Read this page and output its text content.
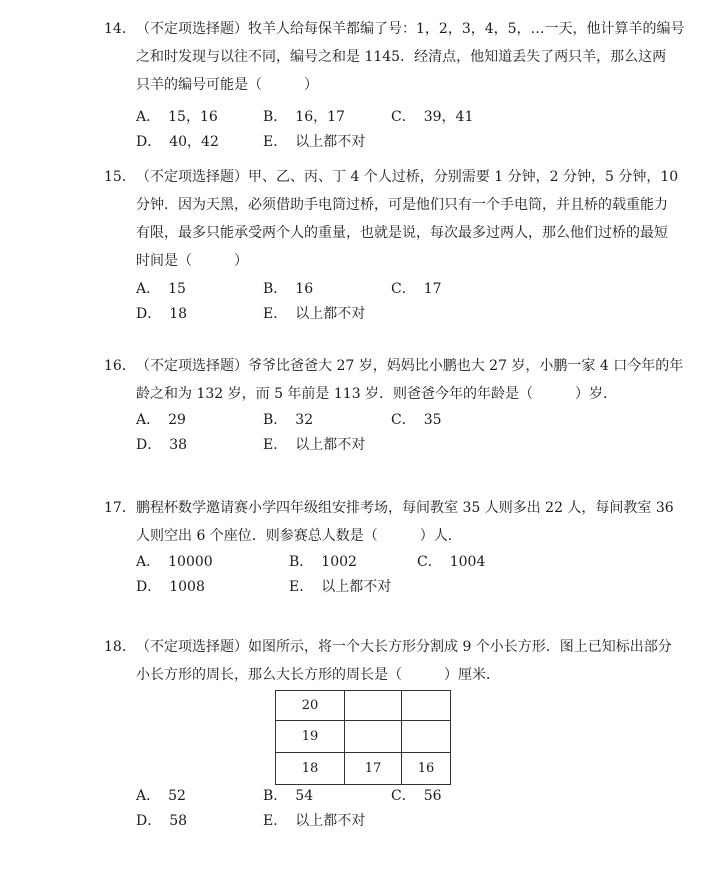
14． （不定项选择题）牧羊人给每保羊都编了号：1，2，3，4，5，…一天，他计算羊的编号
之和时发现与以往不同，编号之和是 1145．经清点，他知道丢失了两只羊，那么这两
只羊的编号可能是（　　　）
A． 15，16	B． 16，17	C． 39，41
D． 40，42	E． 以上都不对
15． （不定项选择题）甲、乙、丙、丁 4 个人过桥，分别需要 1 分钟，2 分钟，5 分钟，10
分钟．因为天黑，必须借助手电筒过桥，可是他们只有一个手电筒，并且桥的载重能力
有限，最多只能承受两个人的重量，也就是说，每次最多过两人，那么他们过桥的最短
时间是（　　　）
A． 15	B． 16	C． 17
D． 18	E． 以上都不对
16． （不定项选择题）爷爷比爸爸大 27 岁，妈妈比小鹏也大 27 岁，小鹏一家 4 口今年的年
龄之和为 132 岁，而 5 年前是 113 岁．则爸爸今年的年龄是（　　　）岁．
A． 29	B． 32	C． 35
D． 38	E． 以上都不对
17． 鹏程杯数学邀请赛小学四年级组安排考场，每间教室 35 人则多出 22 人，每间教室 36
人则空出 6 个座位．则参赛总人数是（　　　）人．
A． 10000	B． 1002	C． 1004
D． 1008	E． 以上都不对
18． （不定项选择题）如图所示，将一个大长方形分割成 9 个小长方形．图上已知标出部分
小长方形的周长，那么大长方形的周长是（　　　）厘米．
20		
19		
18	17	16
A． 52	B． 54	C． 56
D． 58	E． 以上都不对
